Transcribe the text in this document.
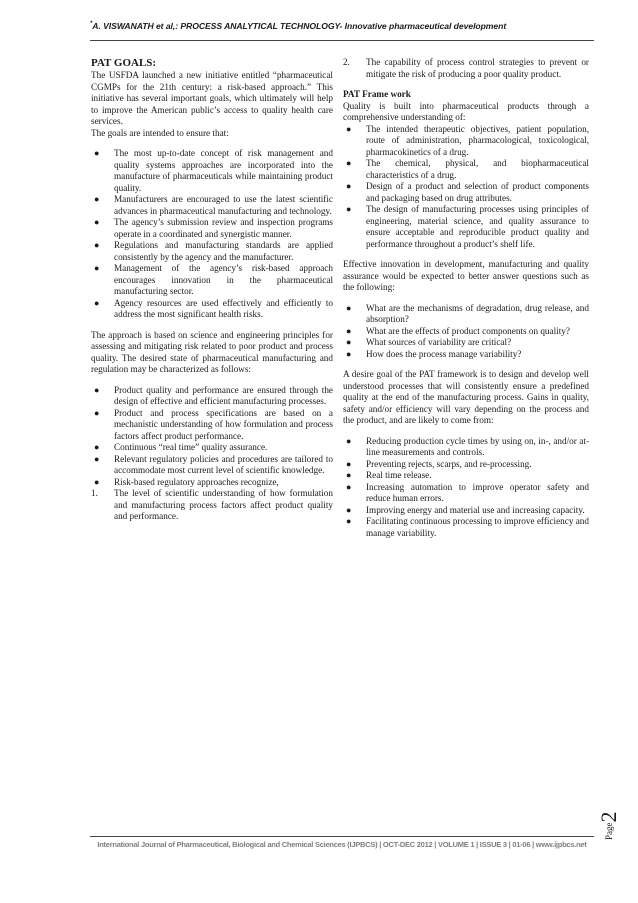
*A. VISWANATH et al,: PROCESS ANALYTICAL TECHNOLOGY- Innovative pharmaceutical development

PAT GOALS:

The USFDA launched a new initiative entitled “pharmaceutical CGMPs for the 21th century: a risk-based approach.” This initiative has several important goals, which ultimately will help to improve the American public’s access to quality health care services.

The goals are intended to ensure that:

● The most up-to-date concept of risk management and quality systems approaches are incorporated into the manufacture of pharmaceuticals while maintaining product quality.
● Manufacturers are encouraged to use the latest scientific advances in pharmaceutical manufacturing and technology.
● The agency’s submission review and inspection programs operate in a coordinated and synergistic manner.
● Regulations and manufacturing standards are applied consistently by the agency and the manufacturer.
● Management of the agency’s risk-based approach encourages innovation in the pharmaceutical manufacturing sector.
● Agency resources are used effectively and efficiently to address the most significant health risks.

The approach is based on science and engineering principles for assessing and mitigating risk related to poor product and process quality. The desired state of pharmaceutical manufacturing and regulation may be characterized as follows:

● Product quality and performance are ensured through the design of effective and efficient manufacturing processes.
● Product and process specifications are based on a mechanistic understanding of how formulation and process factors affect product performance.
● Continuous “real time” quality assurance.
● Relevant regulatory policies and procedures are tailored to accommodate most current level of scientific knowledge.
● Risk-based regulatory approaches recognize,
1. The level of scientific understanding of how formulation and manufacturing process factors affect product quality and performance.
2. The capability of process control strategies to prevent or mitigate the risk of producing a poor quality product.

PAT Frame work

Quality is built into pharmaceutical products through a comprehensive understanding of:

● The intended therapeutic objectives, patient population, route of administration, pharmacological, toxicological, pharmacokinetics of a drug.
● The chemical, physical, and biopharmaceutical characteristics of a drug.
● Design of a product and selection of product components and packaging based on drug attributes.
● The design of manufacturing processes using principles of engineering, material science, and quality assurance to ensure acceptable and reproducible product quality and performance throughout a product’s shelf life.

Effective innovation in development, manufacturing and quality assurance would be expected to better answer questions such as the following:

● What are the mechanisms of degradation, drug release, and absorption?
● What are the effects of product components on quality?
● What sources of variability are critical?
● How does the process manage variability?

A desire goal of the PAT framework is to design and develop well understood processes that will consistently ensure a predefined quality at the end of the manufacturing process. Gains in quality, safety and/or efficiency will vary depending on the process and the product, and are likely to come from:

● Reducing production cycle times by using on, in-, and/or at-line measurements and controls.
● Preventing rejects, scarps, and re-processing.
● Real time release.
● Increasing automation to improve operator safety and reduce human errors.
● Improving energy and material use and increasing capacity.
● Facilitating continuous processing to improve efficiency and manage variability.
$^{Page}$2
International Journal of Pharmaceutical, Biological and Chemical Sciences (IJPBCS) | OCT-DEC 2012 | VOLUME 1 | ISSUE 3 | 01-06 | www.ijpbcs.net
